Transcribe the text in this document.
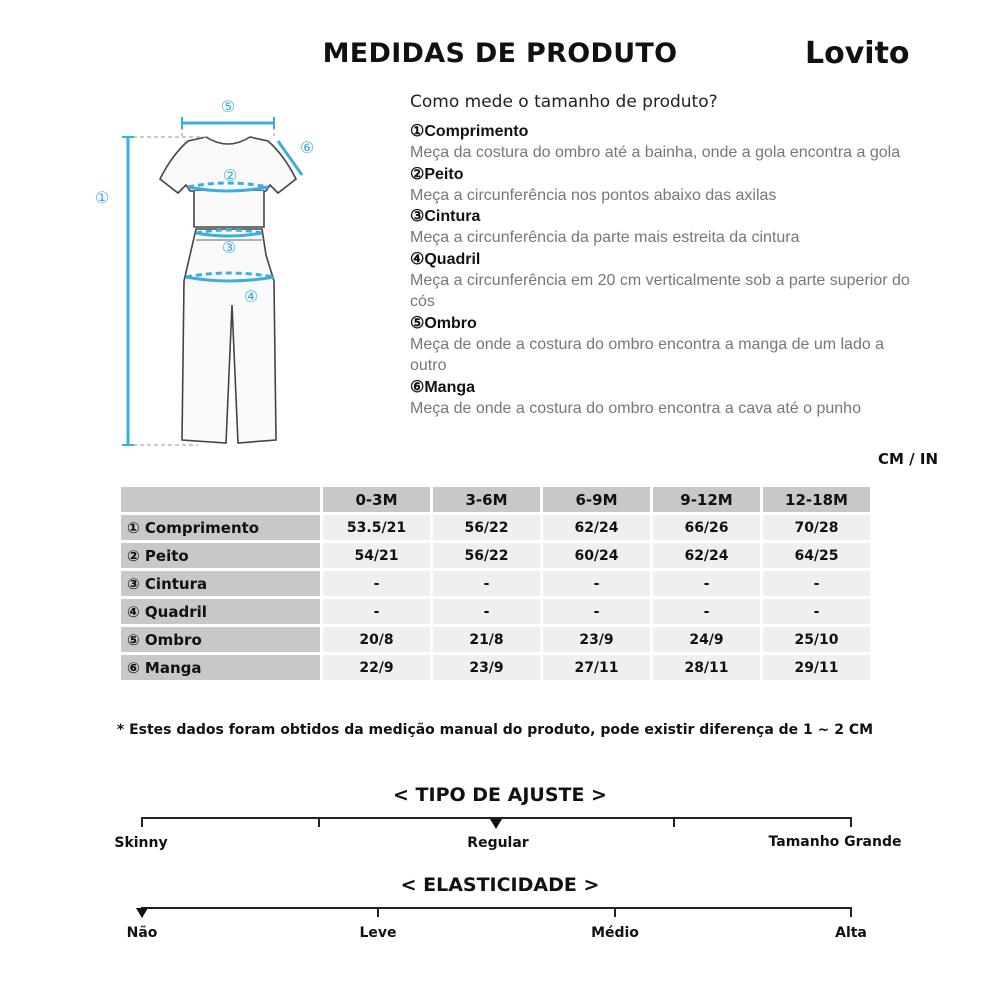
MEDIDAS DE PRODUTO	Lovito
①
②
③
④
⑤
⑥
Como mede o tamanho de produto?
①Comprimento
Meça da costura do ombro até a bainha, onde a gola encontra a gola
②Peito
Meça a circunferência nos pontos abaixo das axilas
③Cintura
Meça a circunferência da parte mais estreita da cintura
④Quadril
Meça a circunferência em 20 cm verticalmente sob a parte superior do cós
⑤Ombro
Meça de onde a costura do ombro encontra a manga de um lado a outro
⑥Manga
Meça de onde a costura do ombro encontra a cava até o punho
CM / IN
	0-3M	3-6M	6-9M	9-12M	12-18M
① Comprimento	53.5/21	56/22	62/24	66/26	70/28
② Peito	54/21	56/22	60/24	62/24	64/25
③ Cintura	-	-	-	-	-
④ Quadril	-	-	-	-	-
⑤ Ombro	20/8	21/8	23/9	24/9	25/10
⑥ Manga	22/9	23/9	27/11	28/11	29/11
* Estes dados foram obtidos da medição manual do produto, pode existir diferença de 1 ~ 2 CM
< TIPO DE AJUSTE >
Skinny	Regular	Tamanho Grande
< ELASTICIDADE >
Não	Leve	Médio	Alta
